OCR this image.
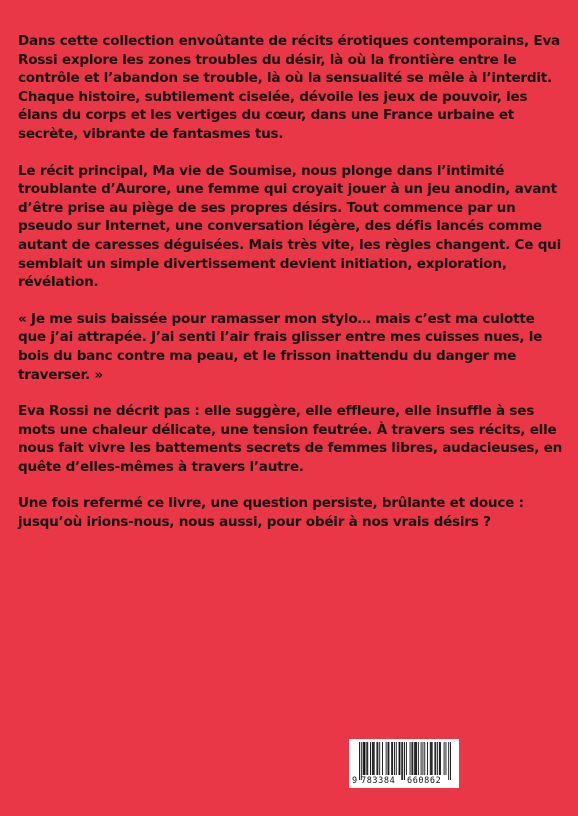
Dans cette collection envoûtante de récits érotiques contemporains, Eva Rossi explore les zones troubles du désir, là où la frontière entre le contrôle et l’abandon se trouble, là où la sensualité se mêle à l’interdit. Chaque histoire, subtilement ciselée, dévoile les jeux de pouvoir, les élans du corps et les vertiges du cœur, dans une France urbaine et secrète, vibrante de fantasmes tus.

Le récit principal, Ma vie de Soumise, nous plonge dans l’intimité troublante d’Aurore, une femme qui croyait jouer à un jeu anodin, avant d’être prise au piège de ses propres désirs. Tout commence par un pseudo sur Internet, une conversation légère, des défis lancés comme autant de caresses déguisées. Mais très vite, les règles changent. Ce qui semblait un simple divertissement devient initiation, exploration, révélation.

« Je me suis baissée pour ramasser mon stylo… mais c’est ma culotte que j’ai attrapée. J’ai senti l’air frais glisser entre mes cuisses nues, le bois du banc contre ma peau, et le frisson inattendu du danger me traverser. »

Eva Rossi ne décrit pas : elle suggère, elle effleure, elle insuffle à ses mots une chaleur délicate, une tension feutrée. À travers ses récits, elle nous fait vivre les battements secrets de femmes libres, audacieuses, en quête d’elles-mêmes à travers l’autre.

Une fois refermé ce livre, une question persiste, brûlante et douce : jusqu’où irions-nous, nous aussi, pour obéir à nos vrais désirs ?

9 783384 660862
